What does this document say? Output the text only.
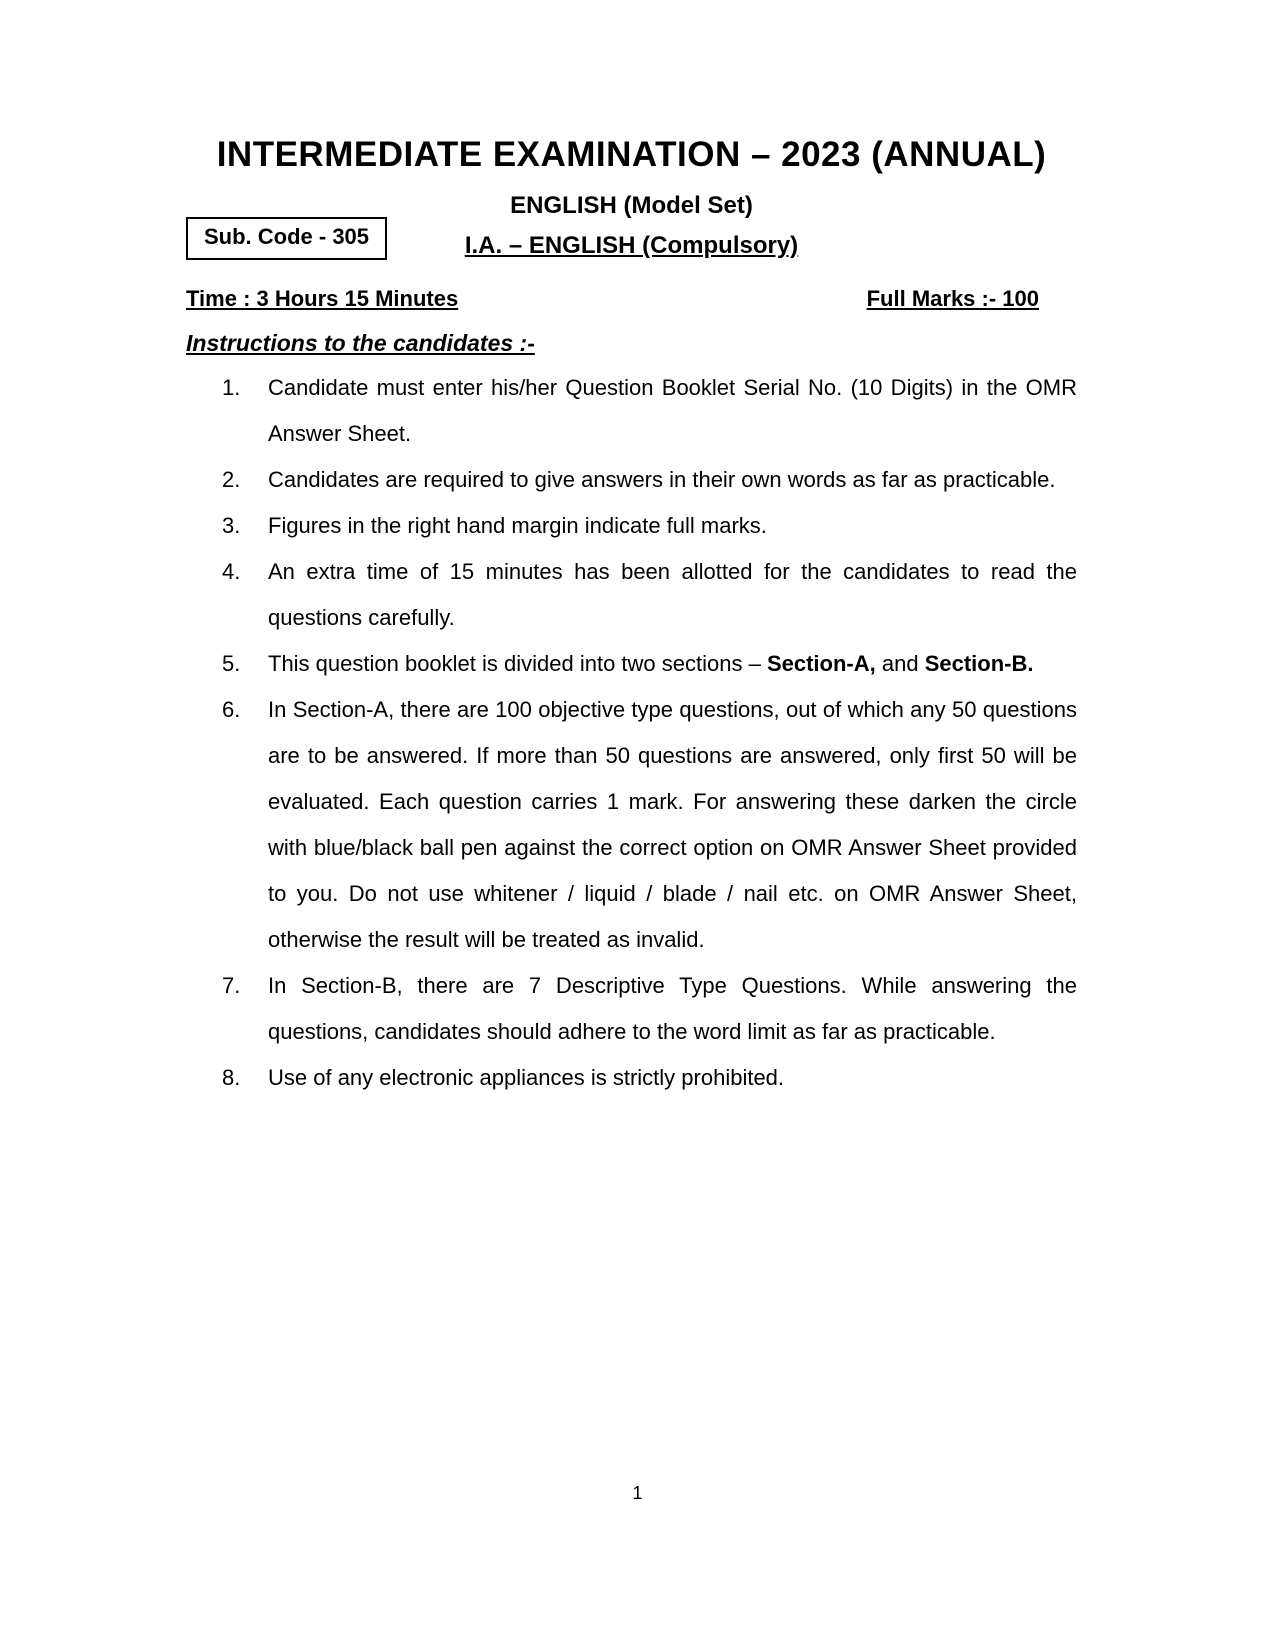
INTERMEDIATE EXAMINATION – 2023 (ANNUAL)
Sub. Code - 305
ENGLISH (Model Set)
I.A. – ENGLISH (Compulsory)
Time : 3 Hours 15 Minutes	Full Marks :- 100
Instructions to the candidates :-
1.	Candidate must enter his/her Question Booklet Serial No. (10 Digits) in the OMR Answer Sheet.
2.	Candidates are required to give answers in their own words as far as practicable.
3.	Figures in the right hand margin indicate full marks.
4.	An extra time of 15 minutes has been allotted for the candidates to read the questions carefully.
5.	This question booklet is divided into two sections – Section-A, and Section-B.
6.	In Section-A, there are 100 objective type questions, out of which any 50 questions are to be answered. If more than 50 questions are answered, only first 50 will be evaluated. Each question carries 1 mark. For answering these darken the circle with blue/black ball pen against the correct option on OMR Answer Sheet provided to you. Do not use whitener / liquid / blade / nail etc. on OMR Answer Sheet, otherwise the result will be treated as invalid.
7.	In Section-B, there are 7 Descriptive Type Questions. While answering the questions, candidates should adhere to the word limit as far as practicable.
8.	Use of any electronic appliances is strictly prohibited.
1
